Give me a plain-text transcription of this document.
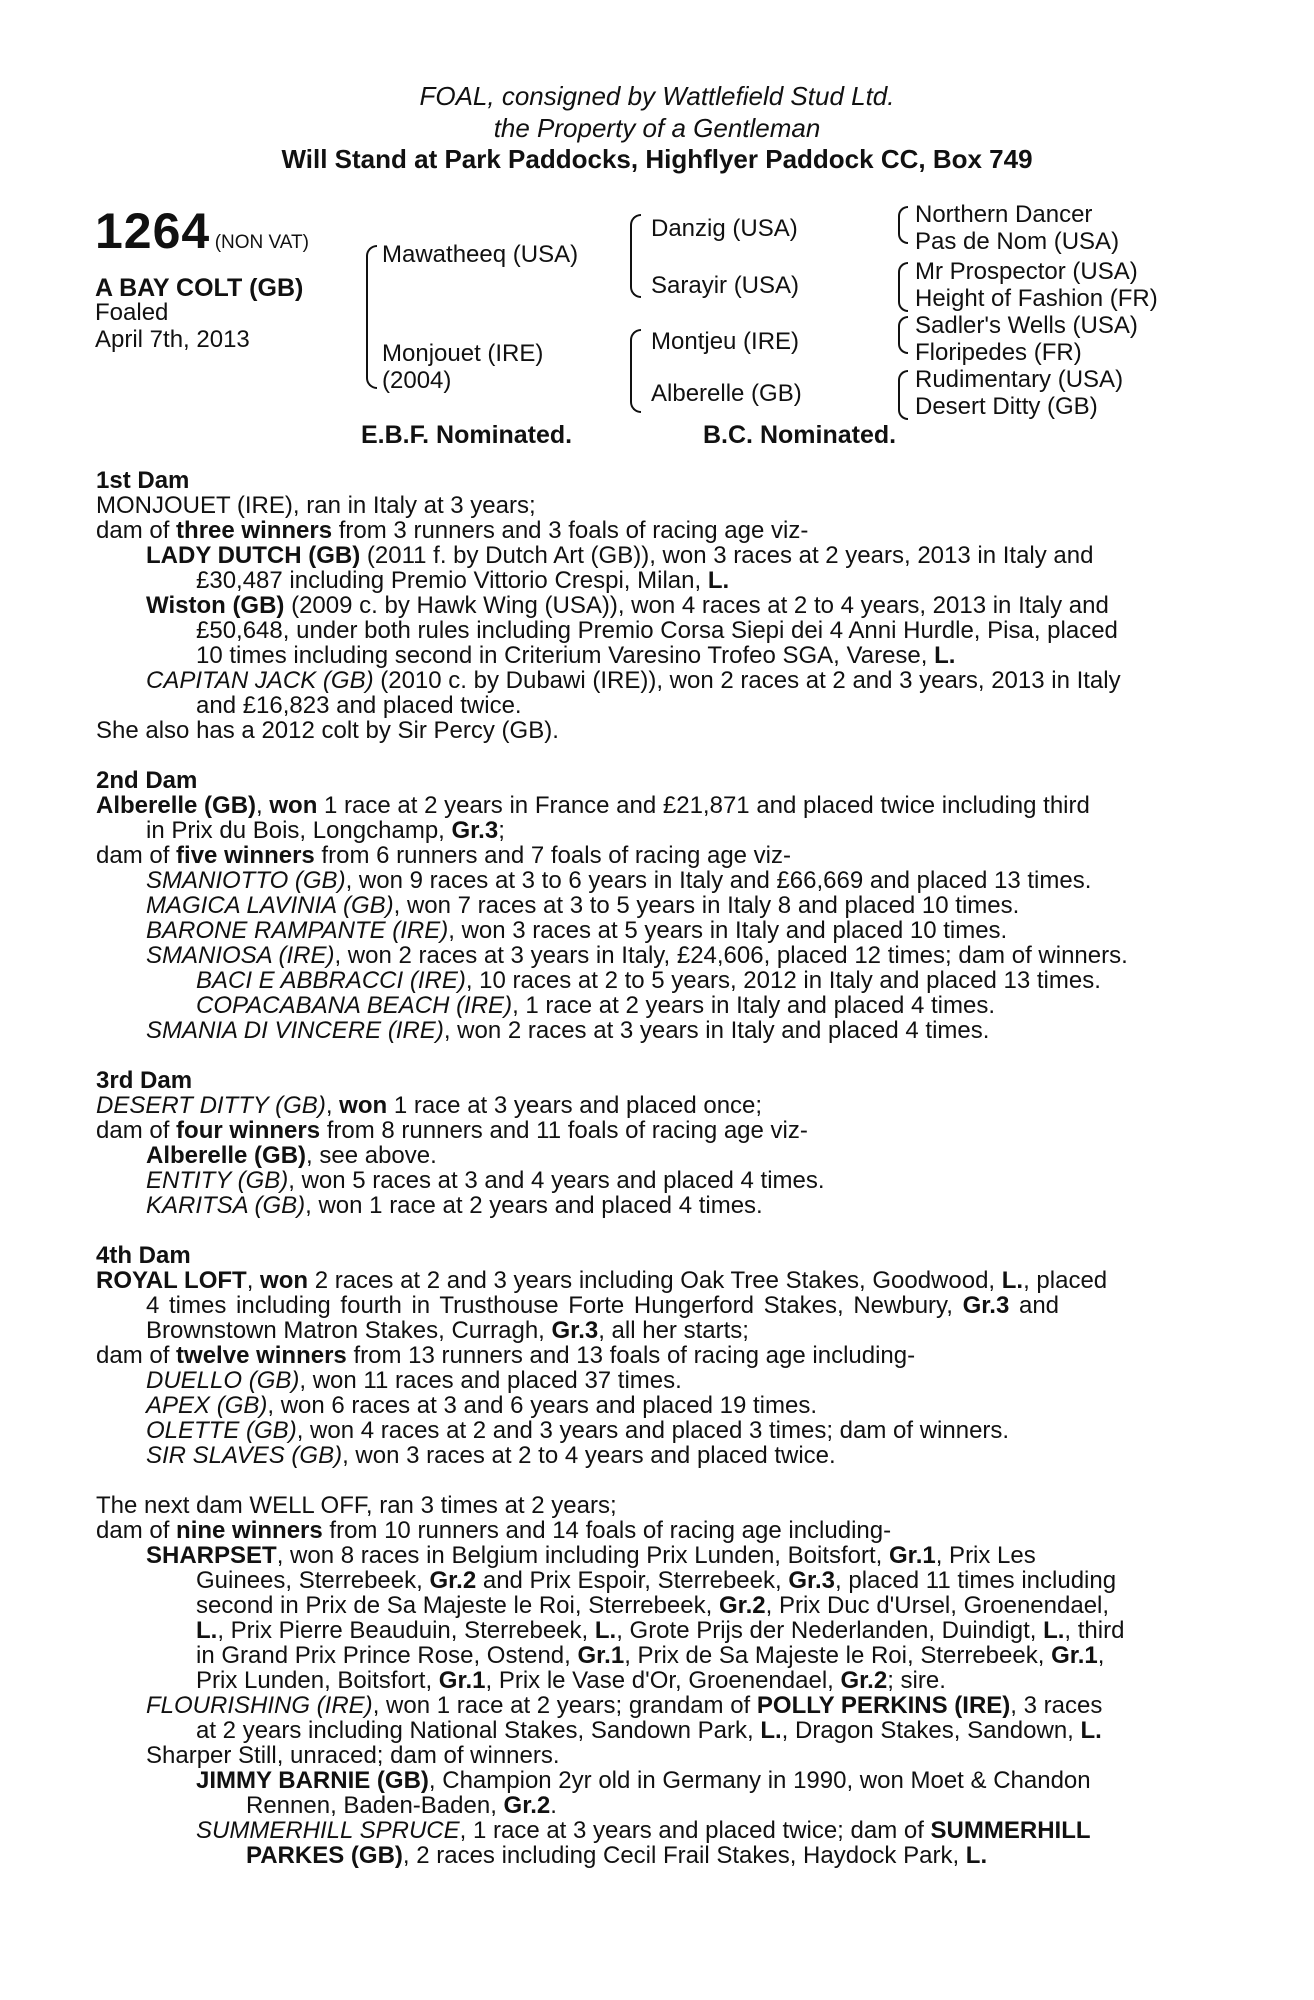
FOAL, consigned by Wattlefield Stud Ltd.
the Property of a Gentleman
Will Stand at Park Paddocks, Highflyer Paddock CC, Box 749
1264 (NON VAT)
A BAY COLT (GB)
Foaled
April 7th, 2013
Mawatheeq (USA)
Monjouet (IRE)
(2004)
Danzig (USA)
Sarayir (USA)
Montjeu (IRE)
Alberelle (GB)
Northern Dancer
Pas de Nom (USA)
Mr Prospector (USA)
Height of Fashion (FR)
Sadler's Wells (USA)
Floripedes (FR)
Rudimentary (USA)
Desert Ditty (GB)
E.B.F. Nominated.	B.C. Nominated.

1st Dam

MONJOUET (IRE), ran in Italy at 3 years;

dam of three winners from 3 runners and 3 foals of racing age viz-

LADY DUTCH (GB) (2011 f. by Dutch Art (GB)), won 3 races at 2 years, 2013 in Italy and

£30,487 including Premio Vittorio Crespi, Milan, L.

Wiston (GB) (2009 c. by Hawk Wing (USA)), won 4 races at 2 to 4 years, 2013 in Italy and

£50,648, under both rules including Premio Corsa Siepi dei 4 Anni Hurdle, Pisa, placed

10 times including second in Criterium Varesino Trofeo SGA, Varese, L.

CAPITAN JACK (GB) (2010 c. by Dubawi (IRE)), won 2 races at 2 and 3 years, 2013 in Italy

and £16,823 and placed twice.

She also has a 2012 colt by Sir Percy (GB).

2nd Dam

Alberelle (GB), won 1 race at 2 years in France and £21,871 and placed twice including third

in Prix du Bois, Longchamp, Gr.3;

dam of five winners from 6 runners and 7 foals of racing age viz-

SMANIOTTO (GB), won 9 races at 3 to 6 years in Italy and £66,669 and placed 13 times.

MAGICA LAVINIA (GB), won 7 races at 3 to 5 years in Italy 8 and placed 10 times.

BARONE RAMPANTE (IRE), won 3 races at 5 years in Italy and placed 10 times.

SMANIOSA (IRE), won 2 races at 3 years in Italy, £24,606, placed 12 times; dam of winners.

BACI E ABBRACCI (IRE), 10 races at 2 to 5 years, 2012 in Italy and placed 13 times.

COPACABANA BEACH (IRE), 1 race at 2 years in Italy and placed 4 times.

SMANIA DI VINCERE (IRE), won 2 races at 3 years in Italy and placed 4 times.

3rd Dam

DESERT DITTY (GB), won 1 race at 3 years and placed once;

dam of four winners from 8 runners and 11 foals of racing age viz-

Alberelle (GB), see above.

ENTITY (GB), won 5 races at 3 and 4 years and placed 4 times.

KARITSA (GB), won 1 race at 2 years and placed 4 times.

4th Dam

ROYAL LOFT, won 2 races at 2 and 3 years including Oak Tree Stakes, Goodwood, L., placed

4 times including fourth in Trusthouse Forte Hungerford Stakes, Newbury, Gr.3 and

Brownstown Matron Stakes, Curragh, Gr.3, all her starts;

dam of twelve winners from 13 runners and 13 foals of racing age including-

DUELLO (GB), won 11 races and placed 37 times.

APEX (GB), won 6 races at 3 and 6 years and placed 19 times.

OLETTE (GB), won 4 races at 2 and 3 years and placed 3 times; dam of winners.

SIR SLAVES (GB), won 3 races at 2 to 4 years and placed twice.

The next dam WELL OFF, ran 3 times at 2 years;

dam of nine winners from 10 runners and 14 foals of racing age including-

SHARPSET, won 8 races in Belgium including Prix Lunden, Boitsfort, Gr.1, Prix Les

Guinees, Sterrebeek, Gr.2 and Prix Espoir, Sterrebeek, Gr.3, placed 11 times including

second in Prix de Sa Majeste le Roi, Sterrebeek, Gr.2, Prix Duc d'Ursel, Groenendael,

L., Prix Pierre Beauduin, Sterrebeek, L., Grote Prijs der Nederlanden, Duindigt, L., third

in Grand Prix Prince Rose, Ostend, Gr.1, Prix de Sa Majeste le Roi, Sterrebeek, Gr.1,

Prix Lunden, Boitsfort, Gr.1, Prix le Vase d'Or, Groenendael, Gr.2; sire.

FLOURISHING (IRE), won 1 race at 2 years; grandam of POLLY PERKINS (IRE), 3 races

at 2 years including National Stakes, Sandown Park, L., Dragon Stakes, Sandown, L.

Sharper Still, unraced; dam of winners.

JIMMY BARNIE (GB), Champion 2yr old in Germany in 1990, won Moet & Chandon

Rennen, Baden-Baden, Gr.2.

SUMMERHILL SPRUCE, 1 race at 3 years and placed twice; dam of SUMMERHILL

PARKES (GB), 2 races including Cecil Frail Stakes, Haydock Park, L.
